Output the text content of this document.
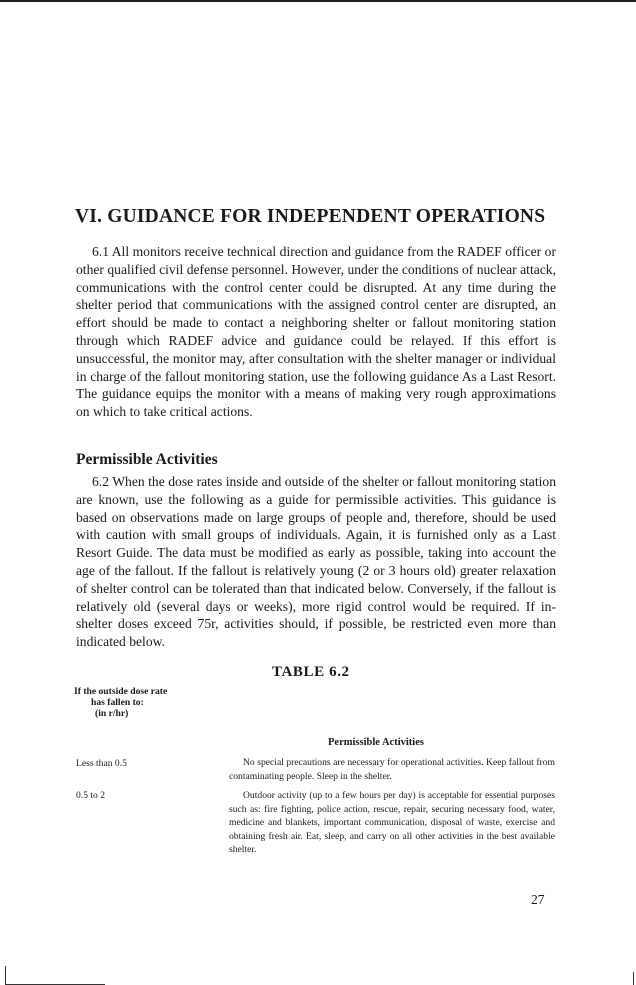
VI. GUIDANCE FOR INDEPENDENT OPERATIONS

6.1 All monitors receive technical direction and guidance from the RADEF officer or other qualified civil defense personnel. However, under the conditions of nuclear attack, communications with the control center could be disrupted. At any time during the shelter period that communications with the assigned control center are disrupted, an effort should be made to contact a neighboring shelter or fallout monitoring station through which RADEF advice and guidance could be relayed. If this effort is unsuccessful, the monitor may, after consultation with the shelter manager or individual in charge of the fallout monitoring station, use the following guidance As a Last Resort. The guidance equips the monitor with a means of making very rough approximations on which to take critical actions.

Permissible Activities

6.2 When the dose rates inside and outside of the shelter or fallout monitoring station are known, use the following as a guide for permissible activities. This guidance is based on observations made on large groups of people and, therefore, should be used with caution with small groups of individuals. Again, it is furnished only as a Last Resort Guide. The data must be modified as early as possible, taking into account the age of the fallout. If the fallout is relatively young (2 or 3 hours old) greater relaxation of shelter control can be tolerated than that indicated below. Conversely, if the fallout is relatively old (several days or weeks), more rigid control would be required. If in-shelter doses exceed 75r, activities should, if possible, be restricted even more than indicated below.

TABLE 6.2
If the outside dose rate
has fallen to:
(in r/hr)
Permissible Activities
Less than 0.5	No special precautions are necessary for operational activities. Keep fallout from contaminating people. Sleep in the shelter.

0.5 to 2	Outdoor activity (up to a few hours per day) is acceptable for essential purposes such as: fire fighting, police action, rescue, repair, securing necessary food, water, medicine and blankets, important communication, disposal of waste, exercise and obtaining fresh air. Eat, sleep, and carry on all other activities in the best available shelter.

27
